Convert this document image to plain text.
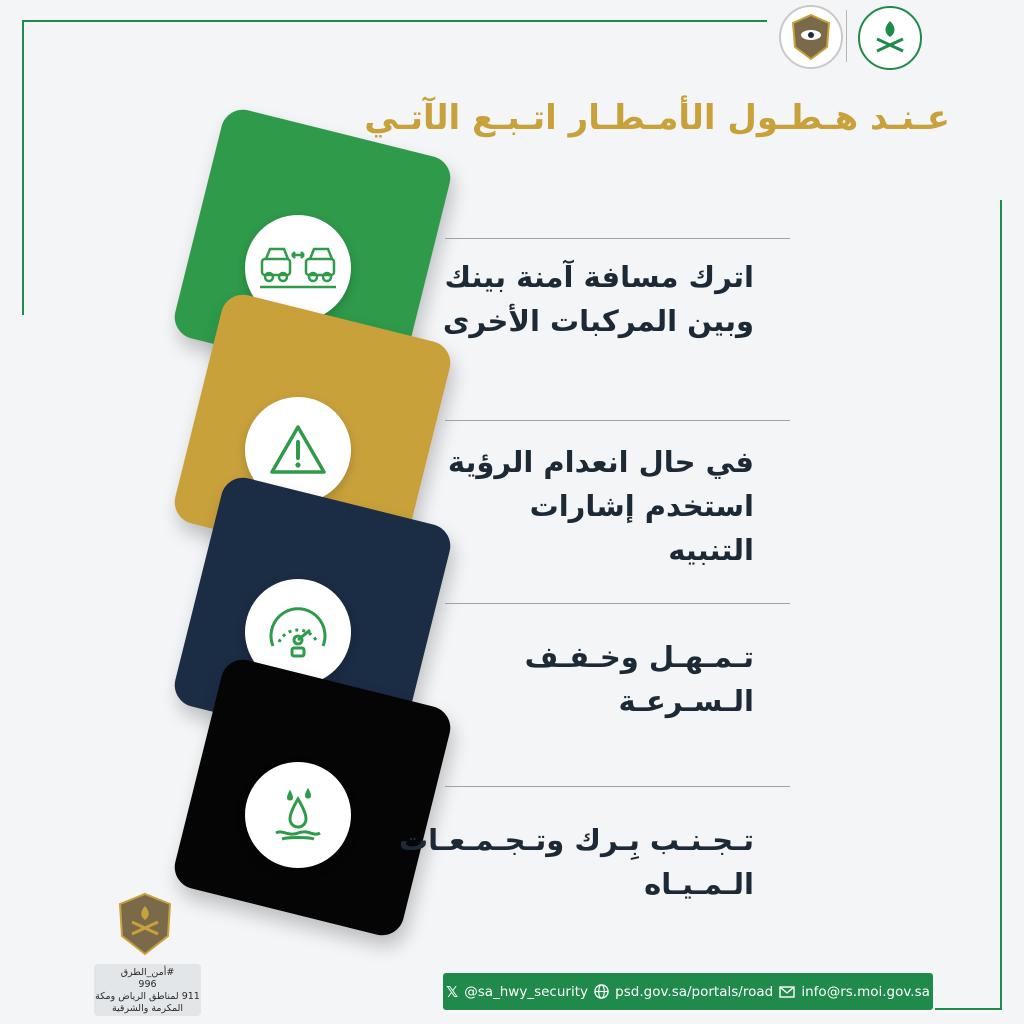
عـنـد هـطـول الأمـطـار اتـبـع الآتـي
اترك مسافة آمنة بينك
وبين المركبات الأخرى
في حال انعدام الرؤية
استخدم إشارات التنبيه
تـمـهـل وخـفـف الـسـرعـة
تـجـنـب بِـرك وتـجـمـعـات الـمـيـاه
#أمن_الطرق
996
911 لمناطق الرياض ومكة
المكرمة والشرقية
𝕏 @sa_hwy_security psd.gov.sa/portals/road info@rs.moi.gov.sa
